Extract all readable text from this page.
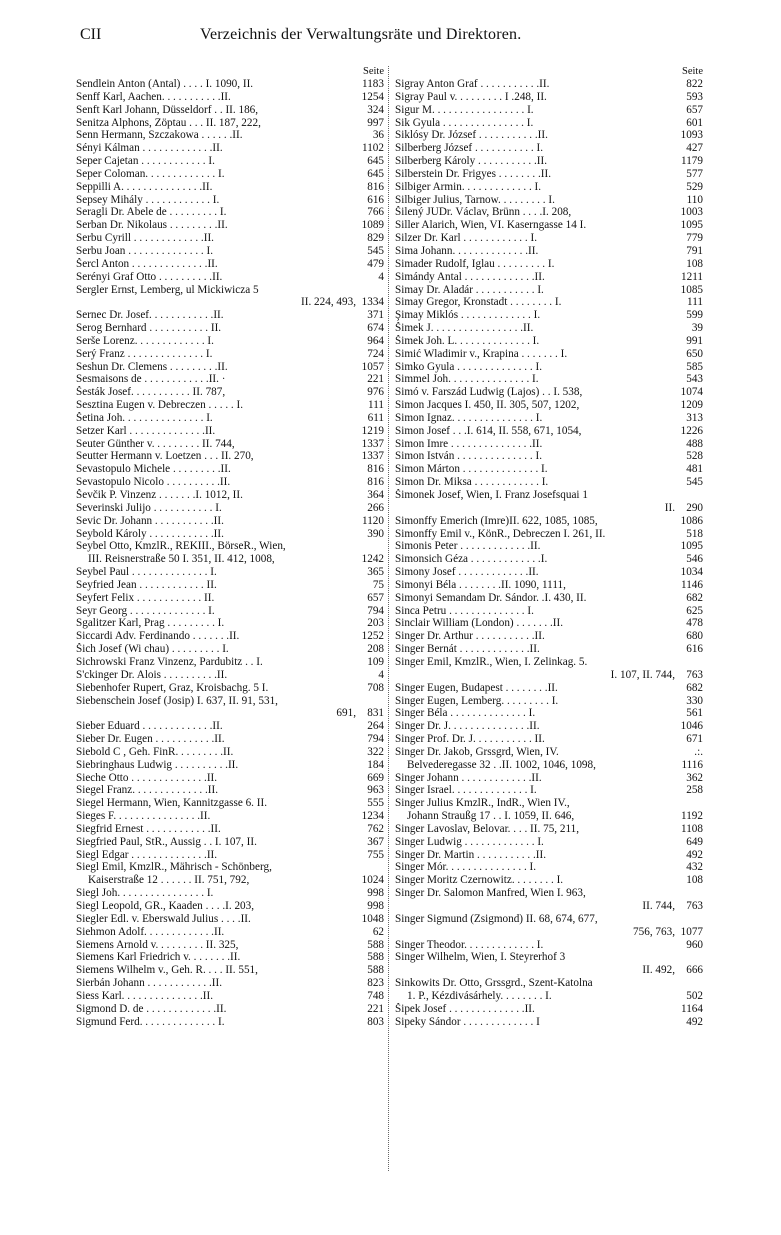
CII	Verzeichnis der Verwaltungsräte und Direktoren.
Seite
Sendlein Anton (Antal) . . . . I. 1090, II.	1183
Senff Karl, Aachen. . . . . . . . . . .II.	1254
Senft Karl Johann, Düsseldorf . . II. 186,	324
Senitza Alphons, Zöptau . . . II. 187, 222,	997
Senn Hermann, Szczakowa . . . . . .II.	36
Sényi Kálman . . . . . . . . . . . . .II.	1102
Seper Cajetan . . . . . . . . . . . . I.	645
Seper Coloman. . . . . . . . . . . . . I.	645
Seppilli A. . . . . . . . . . . . . . .II.	816
Sepsey Mihály . . . . . . . . . . . . I.	616
Seragli Dr. Abele de . . . . . . . . . I.	766
Serban Dr. Nikolaus . . . . . . . . .II.	1089
Serbu Cyrill . . . . . . . . . . . . .II.	829
Serbu Joan . . . . . . . . . . . . . . I.	545
Šercl Anton . . . . . . . . . . . . . .II.	479
Serényi Graf Otto . . . . . . . . . .II.	4
Sergler Ernst, Lemberg, ul Mickiwicza 5
II. 224, 493, 1334
Sernec Dr. Josef. . . . . . . . . . . .II.	371
Serog Bernhard . . . . . . . . . . . II.	674
Serše Lorenz. . . . . . . . . . . . . I.	964
Serý Franz . . . . . . . . . . . . . . I.	724
Seshun Dr. Clemens . . . . . . . . .II.	1057
Sesmaisons de . . . . . . . . . . . .II. ·	221
Šesták Josef. . . . . . . . . . . II. 787,	976
Sesztina Eugen v. Debreczen . . . . . I.	111
Šetina Joh. . . . . . . . . . . . . . . I.	611
Setzer Karl . . . . . . . . . . . . . .II.	1219
Seuter Günther v. . . . . . . . . II. 744,	1337
Seutter Hermann v. Loetzen . . . II. 270,	1337
Sevastopulo Michele . . . . . . . . .II.	816
Sevastopulo Nicolo . . . . . . . . . .II.	816
Ševčik P. Vinzenz . . . . . . .I. 1012, II.	364
Severinski Julijo . . . . . . . . . . . I.	266
Sevic Dr. Johann . . . . . . . . . . .II.	1120
Seybold Károly . . . . . . . . . . . .II.	390
Seybel Otto, KmzlR., REKIII., BörseR., Wien,
III. Reisnerstraße 50 I. 351, II. 412, 1008,	1242
Seybel Paul . . . . . . . . . . . . . . I.	365
Seyfried Jean . . . . . . . . . . . . II.	75
Seyfert Felix . . . . . . . . . . . . II.	657
Seyr Georg . . . . . . . . . . . . . . I.	794
Sgalitzer Karl, Prag . . . . . . . . . I.	203
Siccardi Adv. Ferdinando . . . . . . .II.	1252
Šich Josef (Wi chau) . . . . . . . . . I.	208
Sichrowski Franz Vinzenz, Pardubitz . . I.	109
S'ckinger Dr. Alois . . . . . . . . . .II.	4
Siebenhofer Rupert, Graz, Kroisbachg. 5 I.	708
Siebenschein Josef (Josip) I. 637, II. 91, 531,
691,	831
Sieber Eduard . . . . . . . . . . . . .II.	264
Sieber Dr. Eugen . . . . . . . . . . .II.	794
Siebold C , Geh. FinR. . . . . . . . .II.	322
Siebringhaus Ludwig . . . . . . . . . .II.	184
Sieche Otto . . . . . . . . . . . . . .II.	669
Siegel Franz. . . . . . . . . . . . . .II.	963
Siegel Hermann, Wien, Kannitzgasse 6. II.	555
Sieges F. . . . . . . . . . . . . . . .II.	1234
Siegfrid Ernest . . . . . . . . . . . .II.	762
Siegfried Paul, StR., Aussig . . I. 107, II.	367
Siegl Edgar . . . . . . . . . . . . . .II.	755
Siegl Emil, KmzlR., Mährisch - Schönberg,
Kaiserstraße 12 . . . . . . II. 751, 792,	1024
Siegl Joh. . . . . . . . . . . . . . . . I.	998
Siegl Leopold, GR., Kaaden . . . .I. 203,	998
Siegler Edl. v. Eberswald Julius . . . .II.	1048
Siehmon Adolf. . . . . . . . . . . . .II.	62
Siemens Arnold v. . . . . . . . . II. 325,	588
Siemens Karl Friedrich v. . . . . . . .II.	588
Siemens Wilhelm v., Geh. R. . . . II. 551,	588
Sierbán Johann . . . . . . . . . . . .II.	823
Siess Karl. . . . . . . . . . . . . . .II.	748
Sigmond D. de . . . . . . . . . . . . .II.	221
Sigmund Ferd. . . . . . . . . . . . . . I.	803
Seite
Sigray Anton Graf . . . . . . . . . . .II.	822
Sigray Paul v. . . . . . . . . I .248, II.	593
Sigur M. . . . . . . . . . . . . . . . . I.	657
Sik Gyula . . . . . . . . . . . . . . . I.	601
Siklósy Dr. József . . . . . . . . . . .II.	1093
Silberberg József . . . . . . . . . . . I.	427
Silberberg Károly . . . . . . . . . . .II.	1179
Silberstein Dr. Frigyes . . . . . . . .II.	577
Silbiger Armin. . . . . . . . . . . . . I.	529
Silbiger Julius, Tarnow. . . . . . . . . I.	110
Šilený JUDr. Václav, Brünn . . . .I. 208,	1003
Siller Alarich, Wien, VI. Kaserngasse 14 I.	1095
Silzer Dr. Karl . . . . . . . . . . . . I.	779
Sima Johann. . . . . . . . . . . . . .II.	791
Simader Rudolf, Iglau . . . . . . . . . I.	108
Simándy Antal . . . . . . . . . . . . .II.	1211
Simay Dr. Aladár . . . . . . . . . . . I.	1085
Simay Gregor, Kronstadt . . . . . . . . I.	111
Şimay Miklós . . . . . . . . . . . . . I.	599
Šimek J. . . . . . . . . . . . . . . . .II.	39
Šimek Joh. L. . . . . . . . . . . . . . I.	991
Simić Wladimir v., Krapina . . . . . . . I.	650
Simko Gyula . . . . . . . . . . . . . . I.	585
Simmel Joh. . . . . . . . . . . . . . . I.	543
Simó v. Farszád Ludwig (Lajos) . . I. 538,	1074
Simon Jacques I. 450, II. 305, 507, 1202,	1209
Simon Ignaz. . . . . . . . . . . . . . . I.	313
Simon Josef . . .I. 614, II. 558, 671, 1054,	1226
Simon Imre . . . . . . . . . . . . . . .II.	488
Simon István . . . . . . . . . . . . . . I.	528
Simon Márton . . . . . . . . . . . . . . I.	481
Simon Dr. Miksa . . . . . . . . . . . . I.	545
Šimonek Josef, Wien, I. Franz Josefsquai 1
II.	290
Simonffy Emerich (Imre)II. 622, 1085, 1085,	1086
Simonffy Emil v., KönR., Debreczen I. 261, II.	518
Simonis Peter . . . . . . . . . . . . .II.	1095
Simonsich Géza . . . . . . . . . . . . .I.	546
Simony Josef . . . . . . . . . . . . .II.	1034
Simonyi Béla . . . . . . . .II. 1090, 1111,	1146
Simonyi Semandam Dr. Sándor. .I. 430, II.	682
Sinca Petru . . . . . . . . . . . . . . I.	625
Sinclair William (London) . . . . . . .II.	478
Singer Dr. Arthur . . . . . . . . . . .II.	680
Singer Bernát . . . . . . . . . . . . .II.	616
Singer Emil, KmzlR., Wien, I. Zelinkag. 5.
I. 107, II. 744,	763
Singer Eugen, Budapest . . . . . . . .II.	682
Singer Eugen, Lemberg. . . . . . . . . I.	330
Singer Béla . . . . . . . . . . . . . . I.	561
Singer Dr. J. . . . . . . . . . . . . . .II.	1046
Singer Prof. Dr. J. . . . . . . . . . . II.	671
Singer Dr. Jakob, Grssgrd, Wien, IV.	.:.
Belvederegasse 32 . .II. 1002, 1046, 1098,	1116
Singer Johann . . . . . . . . . . . . .II.	362
Singer Israel. . . . . . . . . . . . . . I.	258
Singer Julius KmzlR., IndR., Wien IV.,
Johann Straußg 17 . . I. 1059, II. 646,	1192
Singer Lavoslav, Belovar. . . . II. 75, 211,	1108
Singer Ludwig . . . . . . . . . . . . . I.	649
Singer Dr. Martin . . . . . . . . . . .II.	492
Singer Mór. . . . . . . . . . . . . . . I.	432
Singer Moritz Czernowitz. . . . . . . . I.	108
Singer Dr. Salomon Manfred, Wien I. 963,
II. 744,	763
Singer Sigmund (Zsigmond) II. 68, 674, 677,
756, 763, 1077
Singer Theodor. . . . . . . . . . . . . I.	960
Singer Wilhelm, Wien, I. Steyrerhof 3
II. 492,	666
Sinkowits Dr. Otto, Grssgrd., Szent-Katolna
1. P., Kézdivásárhely. . . . . . . . I.	502
Šipek Josef . . . . . . . . . . . . . .II.	1164
Sipeky Sándor . . . . . . . . . . . . . I	492
